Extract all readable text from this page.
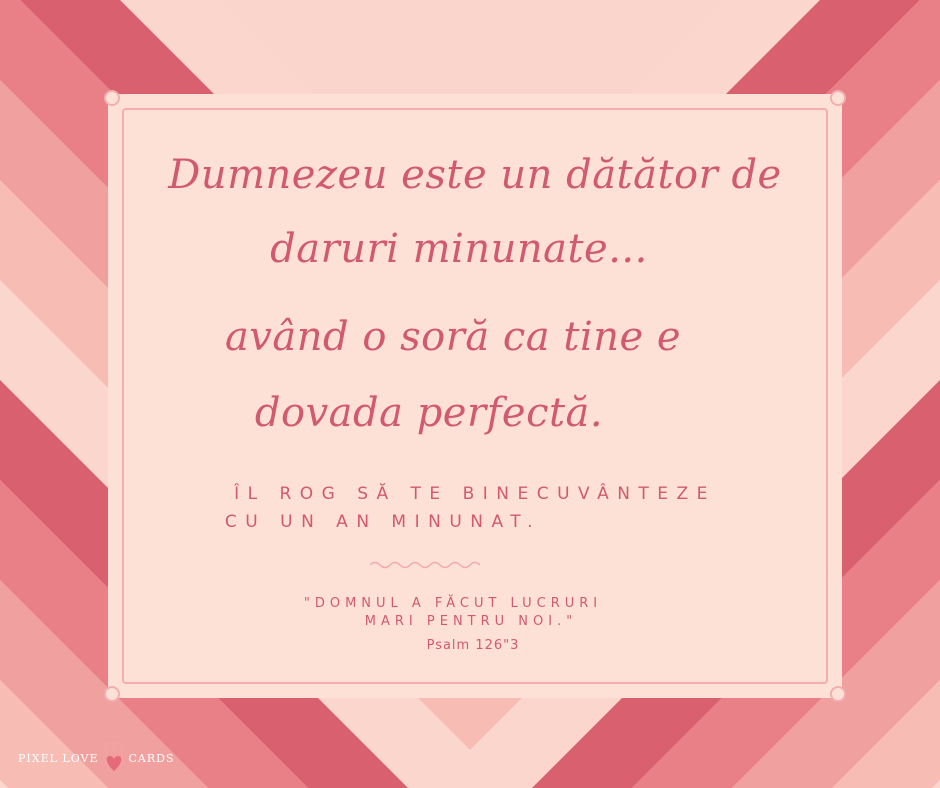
Dumnezeu este un dătător de
daruri minunate...
având o soră ca tine e
dovada perfectă.
ÎL ROG SĂ TE BINECUVÂNTEZE
CU UN AN MINUNAT.
"DOMNUL A FĂCUT LUCRURI
MARI PENTRU NOI."
Psalm 126"3
PIXEL LOVE	CARDS
